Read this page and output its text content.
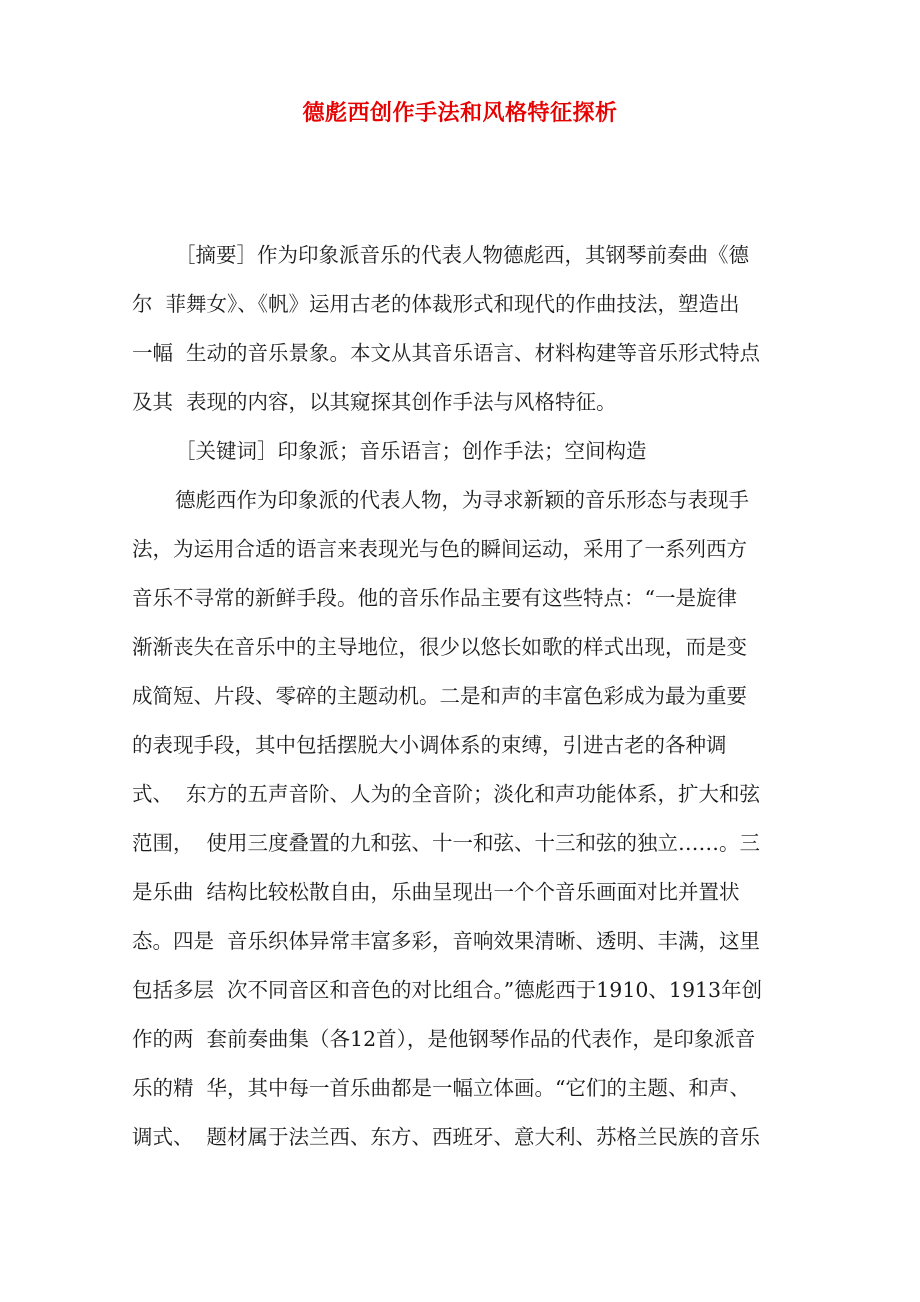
德彪西创作手法和风格特征探析
［摘要］作为印象派音乐的代表人物德彪西，其钢琴前奏曲《德
尔  菲舞女》、《帆》运用古老的体裁形式和现代的作曲技法，塑造出
一幅  生动的音乐景象。本文从其音乐语言、材料构建等音乐形式特点
及其  表现的内容，以其窥探其创作手法与风格特征。
［关键词］印象派；音乐语言；创作手法；空间构造
德彪西作为印象派的代表人物，为寻求新颖的音乐形态与表现手
法，为运用合适的语言来表现光与色的瞬间运动，采用了一系列西方
音乐不寻常的新鲜手段。他的音乐作品主要有这些特点：“一是旋律
渐渐丧失在音乐中的主导地位，很少以悠长如歌的样式出现，而是变
成简短、片段、零碎的主题动机。二是和声的丰富色彩成为最为重要
的表现手段，其中包括摆脱大小调体系的束缚，引进古老的各种调
式、  东方的五声音阶、人为的全音阶；淡化和声功能体系，扩大和弦
范围，  使用三度叠置的九和弦、十一和弦、十三和弦的独立……。三
是乐曲  结构比较松散自由，乐曲呈现出一个个音乐画面对比并置状
态。四是  音乐织体异常丰富多彩，音响效果清晰、透明、丰满，这里
包括多层  次不同音区和音色的对比组合。”德彪西于1910、1913年创
作的两  套前奏曲集（各12首），是他钢琴作品的代表作，是印象派音
乐的精  华，其中每一首乐曲都是一幅立体画。“它们的主题、和声、
调式、  题材属于法兰西、东方、西班牙、意大利、苏格兰民族的音乐
